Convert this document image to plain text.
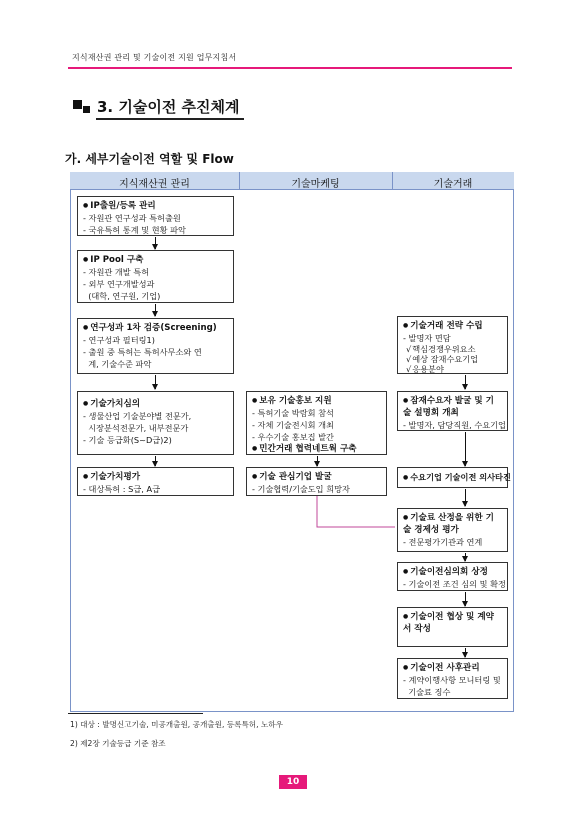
지식재산권 관리 및 기술이전 지원 업무지침서
3. 기술이전 추진체계
가. 세부기술이전 역할 및 Flow
지식재산권 관리	기술마케팅	기술거래
● IP출원/등록 관리
- 자원관 연구성과 특허출원
- 국유특허 통계 및 현황 파악
● IP Pool 구축
- 자원관 개발 특허
- 외부 연구개발성과
(대학, 연구원, 기업)
● 연구성과 1차 검증(Screening)
- 연구성과 필터링1)
- 출원 중 특허는 특허사무소와 연
계, 기술수준 파악
● 기술가치심의
- 생물산업 기술분야별 전문가,
시장분석전문가, 내부전문가
- 기술 등급화(S~D급)2)
● 기술가치평가
- 대상특허 : S급, A급
● 보유 기술홍보 지원
- 특허기술 박람회 참석
- 자체 기술전시회 개최
- 우수기술 홍보집 발간
● 민간거래 협력네트웍 구축
● 기술 관심기업 발굴
- 기술협력/기술도입 희망자
● 기술거래 전략 수립
- 발명자 면담
√ 핵심경쟁우위요소
√ 예상 잠재수요기업
√ 응용분야
● 잠재수요자 발굴 및 기술 설명회 개최
- 발명자, 담당직원, 수요기업
● 수요기업 기술이전 의사타진
● 기술료 산정을 위한 기술 경제성 평가
- 전문평가기관과 연계
● 기술이전심의회 상정
- 기술이전 조건 심의 및 확정
● 기술이전 협상 및 계약서 작성
● 기술이전 사후관리
- 계약이행사항 모니터링 및
기술료 징수
1) 대상 : 발명신고기술, 미공개출원, 공개출원, 등록특허, 노하우
2) 제2장 기술등급 기준 참조
10
